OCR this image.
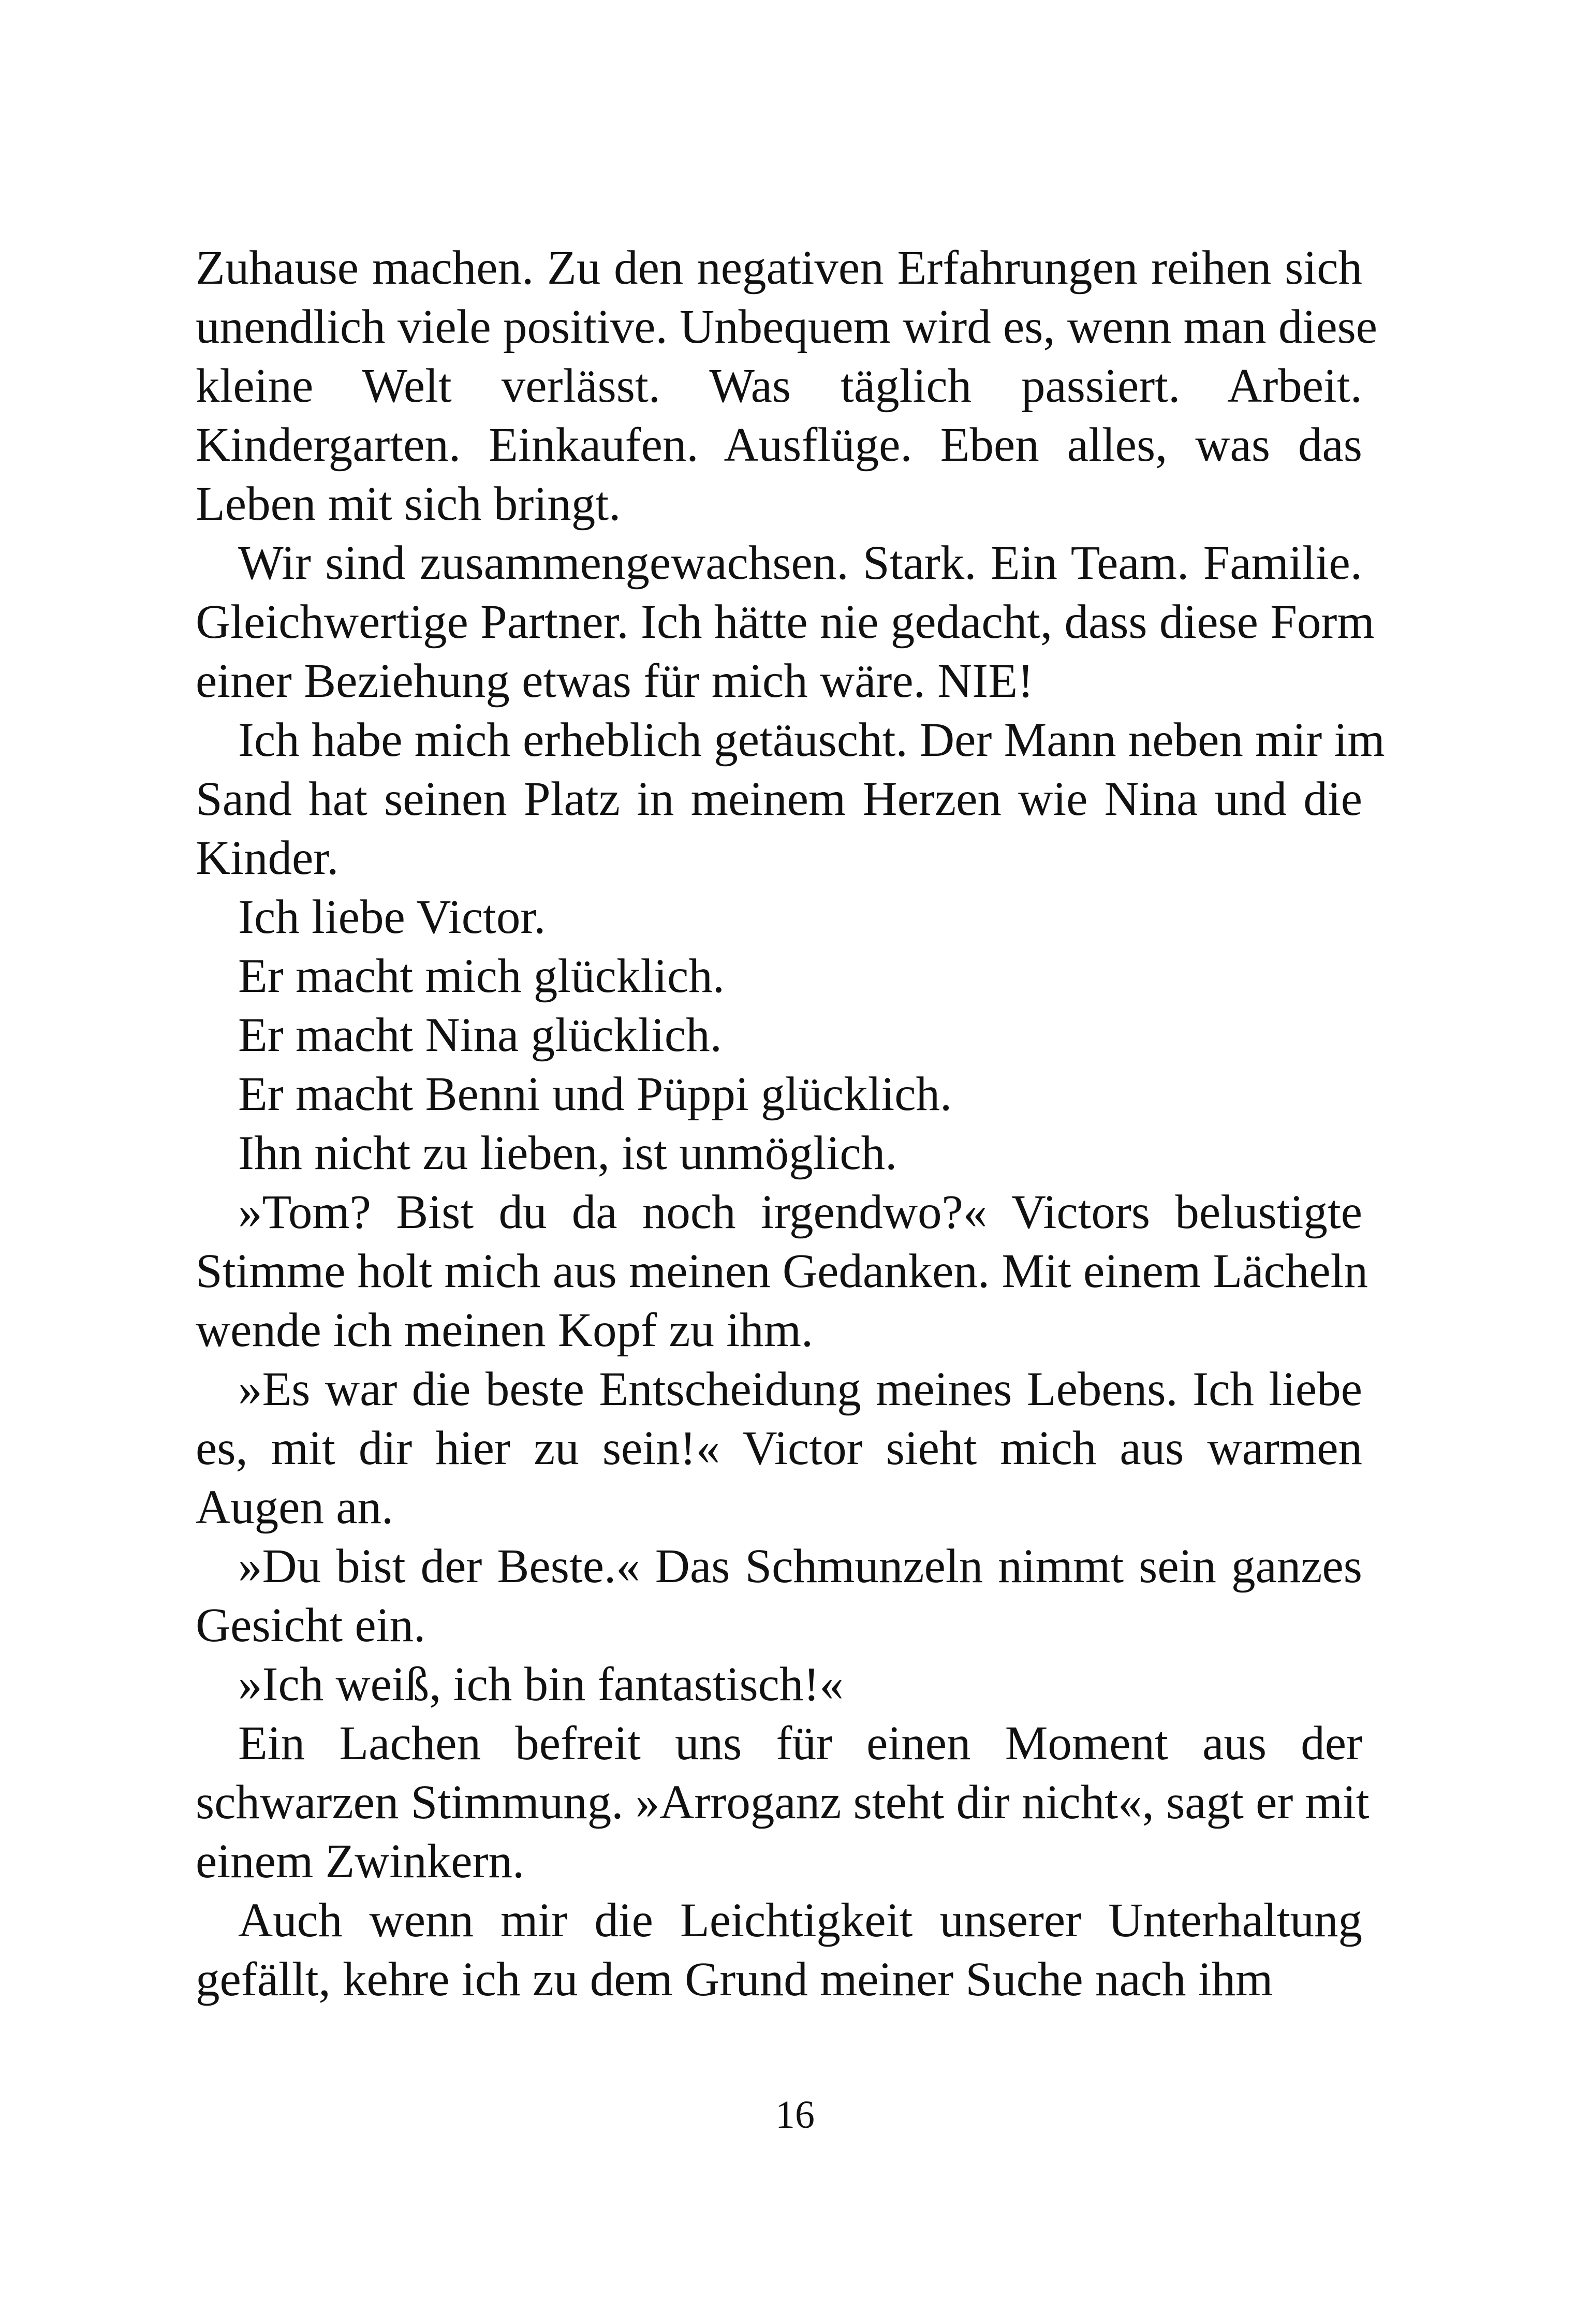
Zuhause machen. Zu den negativen Erfahrungen reihen sich
unendlich viele positive. Unbequem wird es, wenn man diese
kleine Welt verlässt. Was täglich passiert. Arbeit.
Kindergarten. Einkaufen. Ausflüge. Eben alles, was das
Leben mit sich bringt.
Wir sind zusammengewachsen. Stark. Ein Team. Familie.
Gleichwertige Partner. Ich hätte nie gedacht, dass diese Form
einer Beziehung etwas für mich wäre. NIE!
Ich habe mich erheblich getäuscht. Der Mann neben mir im
Sand hat seinen Platz in meinem Herzen wie Nina und die
Kinder.
Ich liebe Victor.
Er macht mich glücklich.
Er macht Nina glücklich.
Er macht Benni und Püppi glücklich.
Ihn nicht zu lieben, ist unmöglich.
»Tom? Bist du da noch irgendwo?« Victors belustigte
Stimme holt mich aus meinen Gedanken. Mit einem Lächeln
wende ich meinen Kopf zu ihm.
»Es war die beste Entscheidung meines Lebens. Ich liebe
es, mit dir hier zu sein!« Victor sieht mich aus warmen
Augen an.
»Du bist der Beste.« Das Schmunzeln nimmt sein ganzes
Gesicht ein.
»Ich weiß, ich bin fantastisch!«
Ein Lachen befreit uns für einen Moment aus der
schwarzen Stimmung. »Arroganz steht dir nicht«, sagt er mit
einem Zwinkern.
Auch wenn mir die Leichtigkeit unserer Unterhaltung
gefällt, kehre ich zu dem Grund meiner Suche nach ihm
16
